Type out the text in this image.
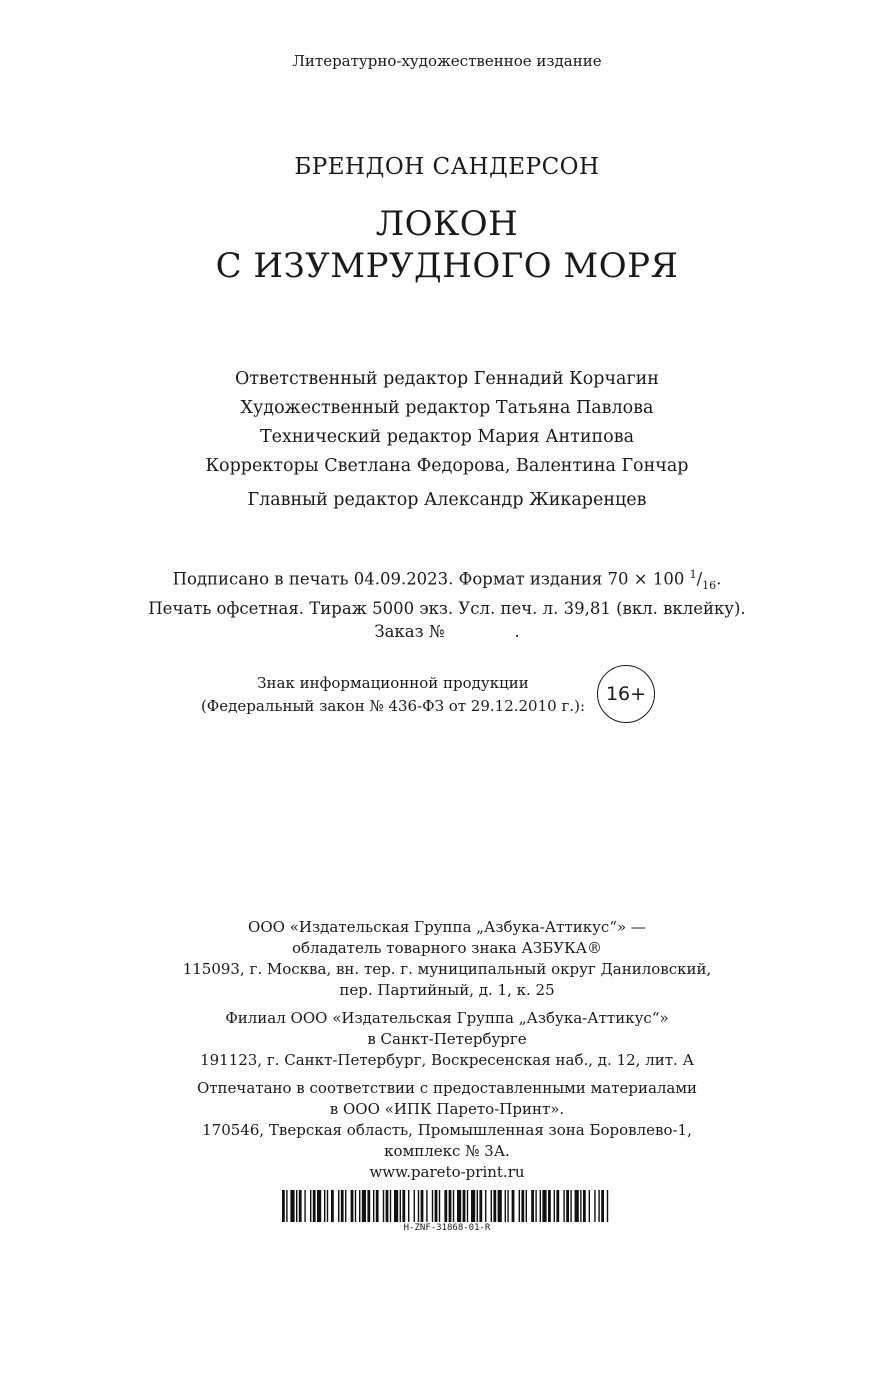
Литературно-художественное издание
БРЕНДОН САНДЕРСОН
ЛОКОН
С ИЗУМРУДНОГО МОРЯ
Ответственный редактор Геннадий Корчагин
Художественный редактор Татьяна Павлова
Технический редактор Мария Антипова
Корректоры Светлана Федорова, Валентина Гончар
Главный редактор Александр Жикаренцев
Подписано в печать 04.09.2023. Формат издания 70 × 100 $^1/_{16}$.
Печать офсетная. Тираж 5000 экз. Усл. печ. л. 39,81 (вкл. вклейку).
Заказ №	.
Знак информационной продукции
(Федеральный закон № 436-ФЗ от 29.12.2010 г.):
16+
ООО «Издательская Группа „Азбука-Аттикус“» —
обладатель товарного знака АЗБУКА®
115093, г. Москва, вн. тер. г. муниципальный округ Даниловский,
пер. Партийный, д. 1, к. 25
Филиал ООО «Издательская Группа „Азбука-Аттикус“»
в Санкт-Петербурге
191123, г. Санкт-Петербург, Воскресенская наб., д. 12, лит. А
Отпечатано в соответствии с предоставленными материалами
в ООО «ИПК Парето-Принт».
170546, Тверская область, Промышленная зона Боровлево-1,
комплекс № 3А.
www.pareto-print.ru
H-ZNF-31868-01-R
